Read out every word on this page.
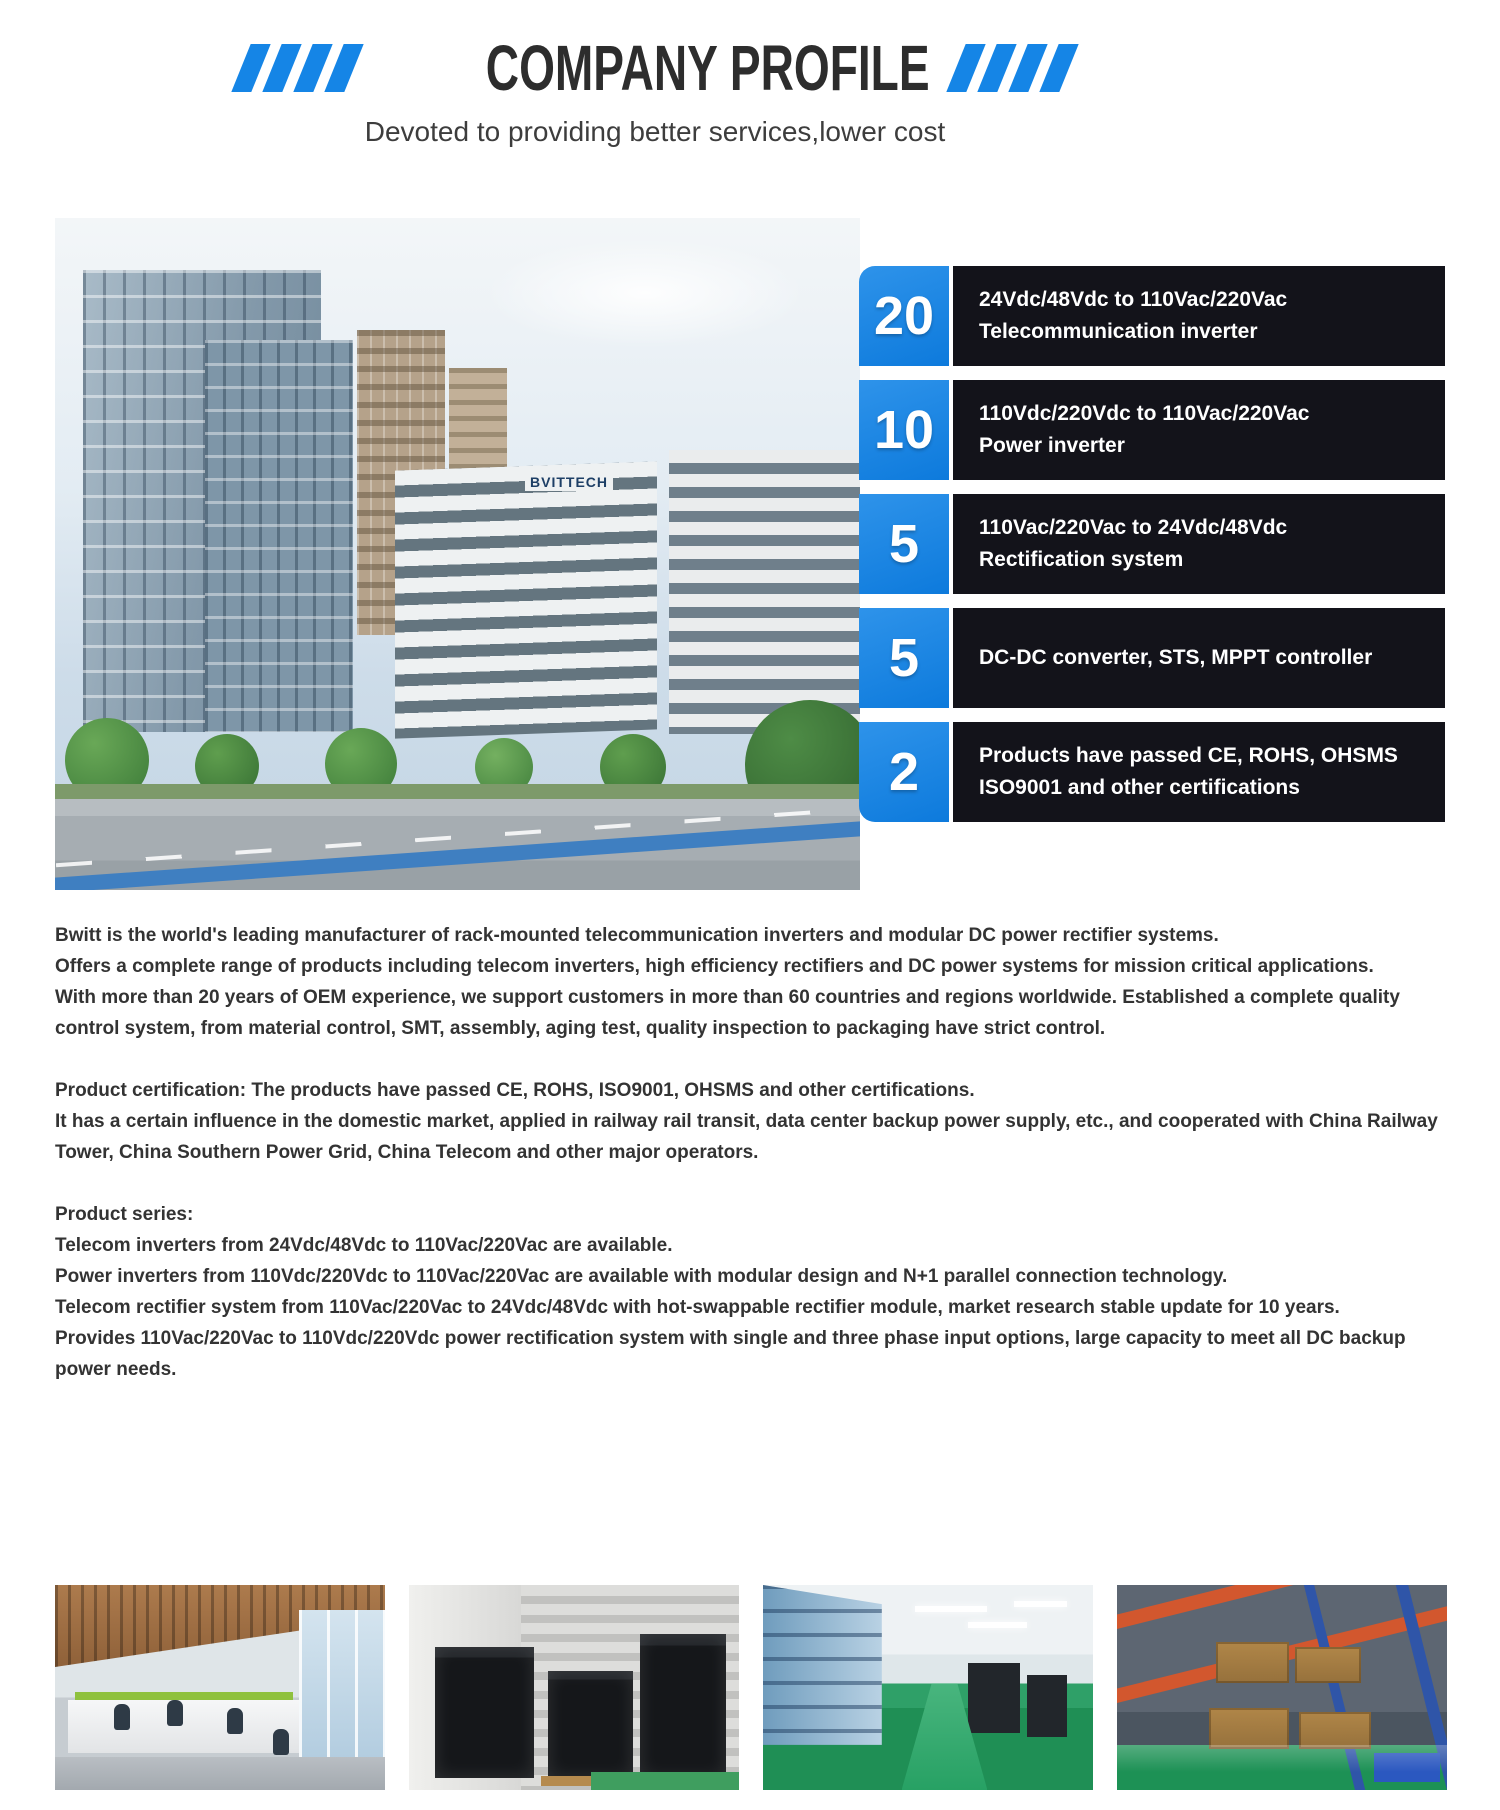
COMPANY PROFILE
Devoted to providing better services,lower cost
BVITTECH
20	24Vdc/48Vdc to 110Vac/220Vac
Telecommunication inverter
10	110Vdc/220Vdc to 110Vac/220Vac
Power inverter
5	110Vac/220Vac to 24Vdc/48Vdc
Rectification system
5	DC-DC converter, STS, MPPT controller
2	Products have passed CE, ROHS, OHSMS
ISO9001 and other certifications

Bwitt is the world's leading manufacturer of rack-mounted telecommunication inverters and modular DC power rectifier systems.

Offers a complete range of products including telecom inverters, high efficiency rectifiers and DC power systems for mission critical applications.

With more than 20 years of OEM experience, we support customers in more than 60 countries and regions worldwide. Established a complete quality control system, from material control, SMT, assembly, aging test, quality inspection to packaging have strict control.

Product certification: The products have passed CE, ROHS, ISO9001, OHSMS and other certifications.

It has a certain influence in the domestic market, applied in railway rail transit, data center backup power supply, etc., and cooperated with China Railway Tower, China Southern Power Grid, China Telecom and other major operators.

Product series:

Telecom inverters from 24Vdc/48Vdc to 110Vac/220Vac are available.

Power inverters from 110Vdc/220Vdc to 110Vac/220Vac are available with modular design and N+1 parallel connection technology.

Telecom rectifier system from 110Vac/220Vac to 24Vdc/48Vdc with hot-swappable rectifier module, market research stable update for 10 years.

Provides 110Vac/220Vac to 110Vdc/220Vdc power rectification system with single and three phase input options, large capacity to meet all DC backup power needs.
